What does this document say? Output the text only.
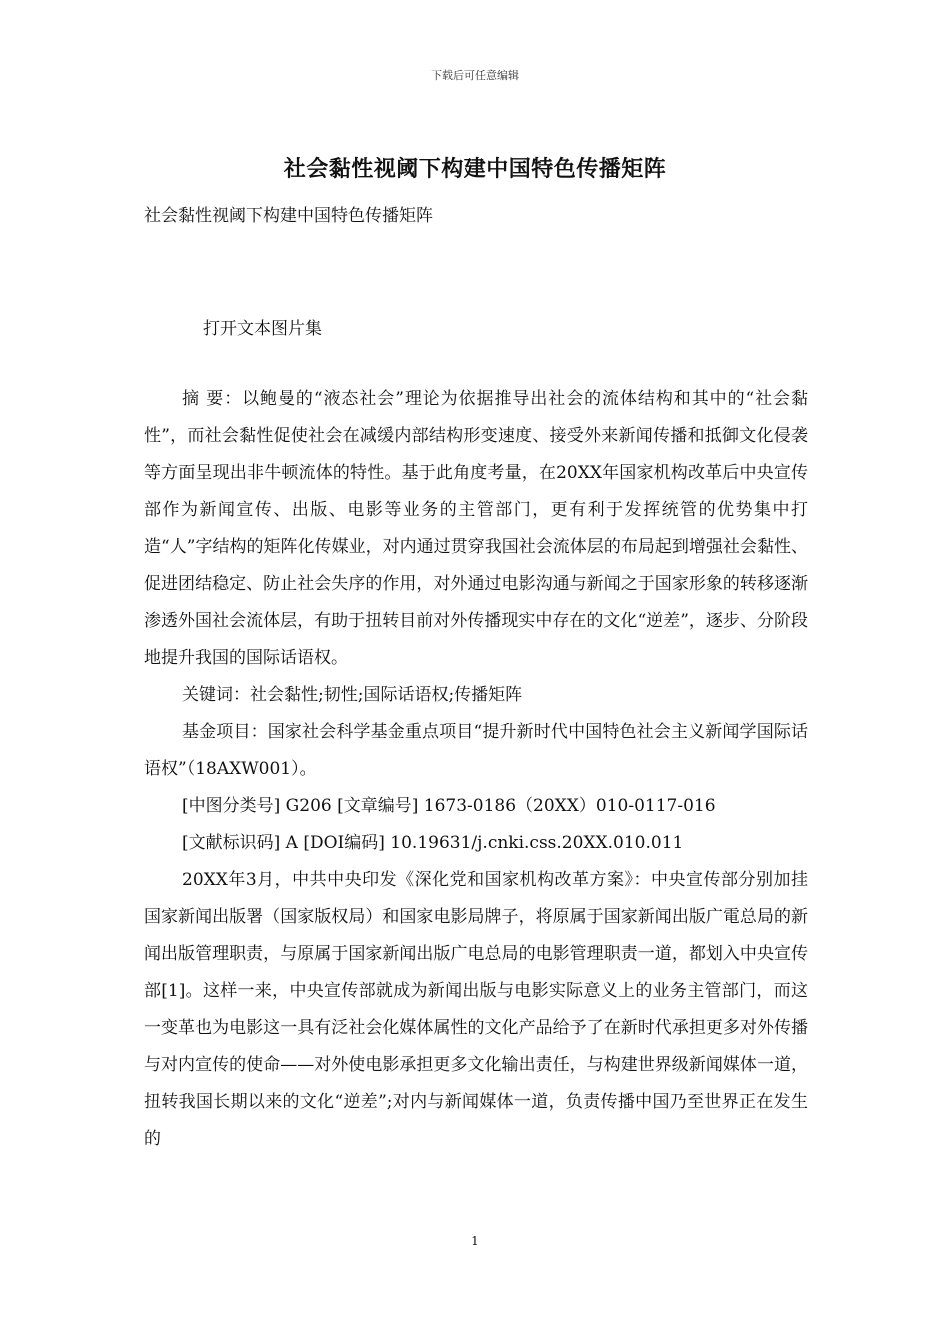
下载后可任意编辑
社会黏性视阈下构建中国特色传播矩阵
社会黏性视阈下构建中国特色传播矩阵
打开文本图片集

摘 要：以鲍曼的“液态社会”理论为依据推导出社会的流体结构和其中的“社会黏性”，而社会黏性促使社会在减缓内部结构形变速度、接受外来新闻传播和抵御文化侵袭等方面呈现出非牛顿流体的特性。基于此角度考量，在20XX年国家机构改革后中央宣传部作为新闻宣传、出版、电影等业务的主管部门，更有利于发挥统管的优势集中打造“人”字结构的矩阵化传媒业，对内通过贯穿我国社会流体层的布局起到增强社会黏性、促进团结稳定、防止社会失序的作用，对外通过电影沟通与新闻之于国家形象的转移逐渐渗透外国社会流体层，有助于扭转目前对外传播现实中存在的文化“逆差”，逐步、分阶段地提升我国的国际话语权。

关键词：社会黏性;韧性;国际话语权;传播矩阵

基金项目：国家社会科学基金重点项目“提升新时代中国特色社会主义新闻学国际话语权”（18AXW001）。

[中图分类号] G206 [文章编号] 1673-0186（20XX）010-0117-016

[文献标识码] A [DOI编码] 10.19631/j.cnki.css.20XX.010.011

20XX年3月，中共中央印发《深化党和国家机构改革方案》：中央宣传部分别加挂国家新闻出版署（国家版权局）和国家电影局牌子，将原属于国家新闻出版广電总局的新闻出版管理职责，与原属于国家新闻出版广电总局的电影管理职责一道，都划入中央宣传部[1]。这样一来，中央宣传部就成为新闻出版与电影实际意义上的业务主管部门，而这一变革也为电影这一具有泛社会化媒体属性的文化产品给予了在新时代承担更多对外传播与对内宣传的使命——对外使电影承担更多文化输出责任，与构建世界级新闻媒体一道，扭转我国长期以来的文化“逆差”;对内与新闻媒体一道，负责传播中国乃至世界正在发生的

1
